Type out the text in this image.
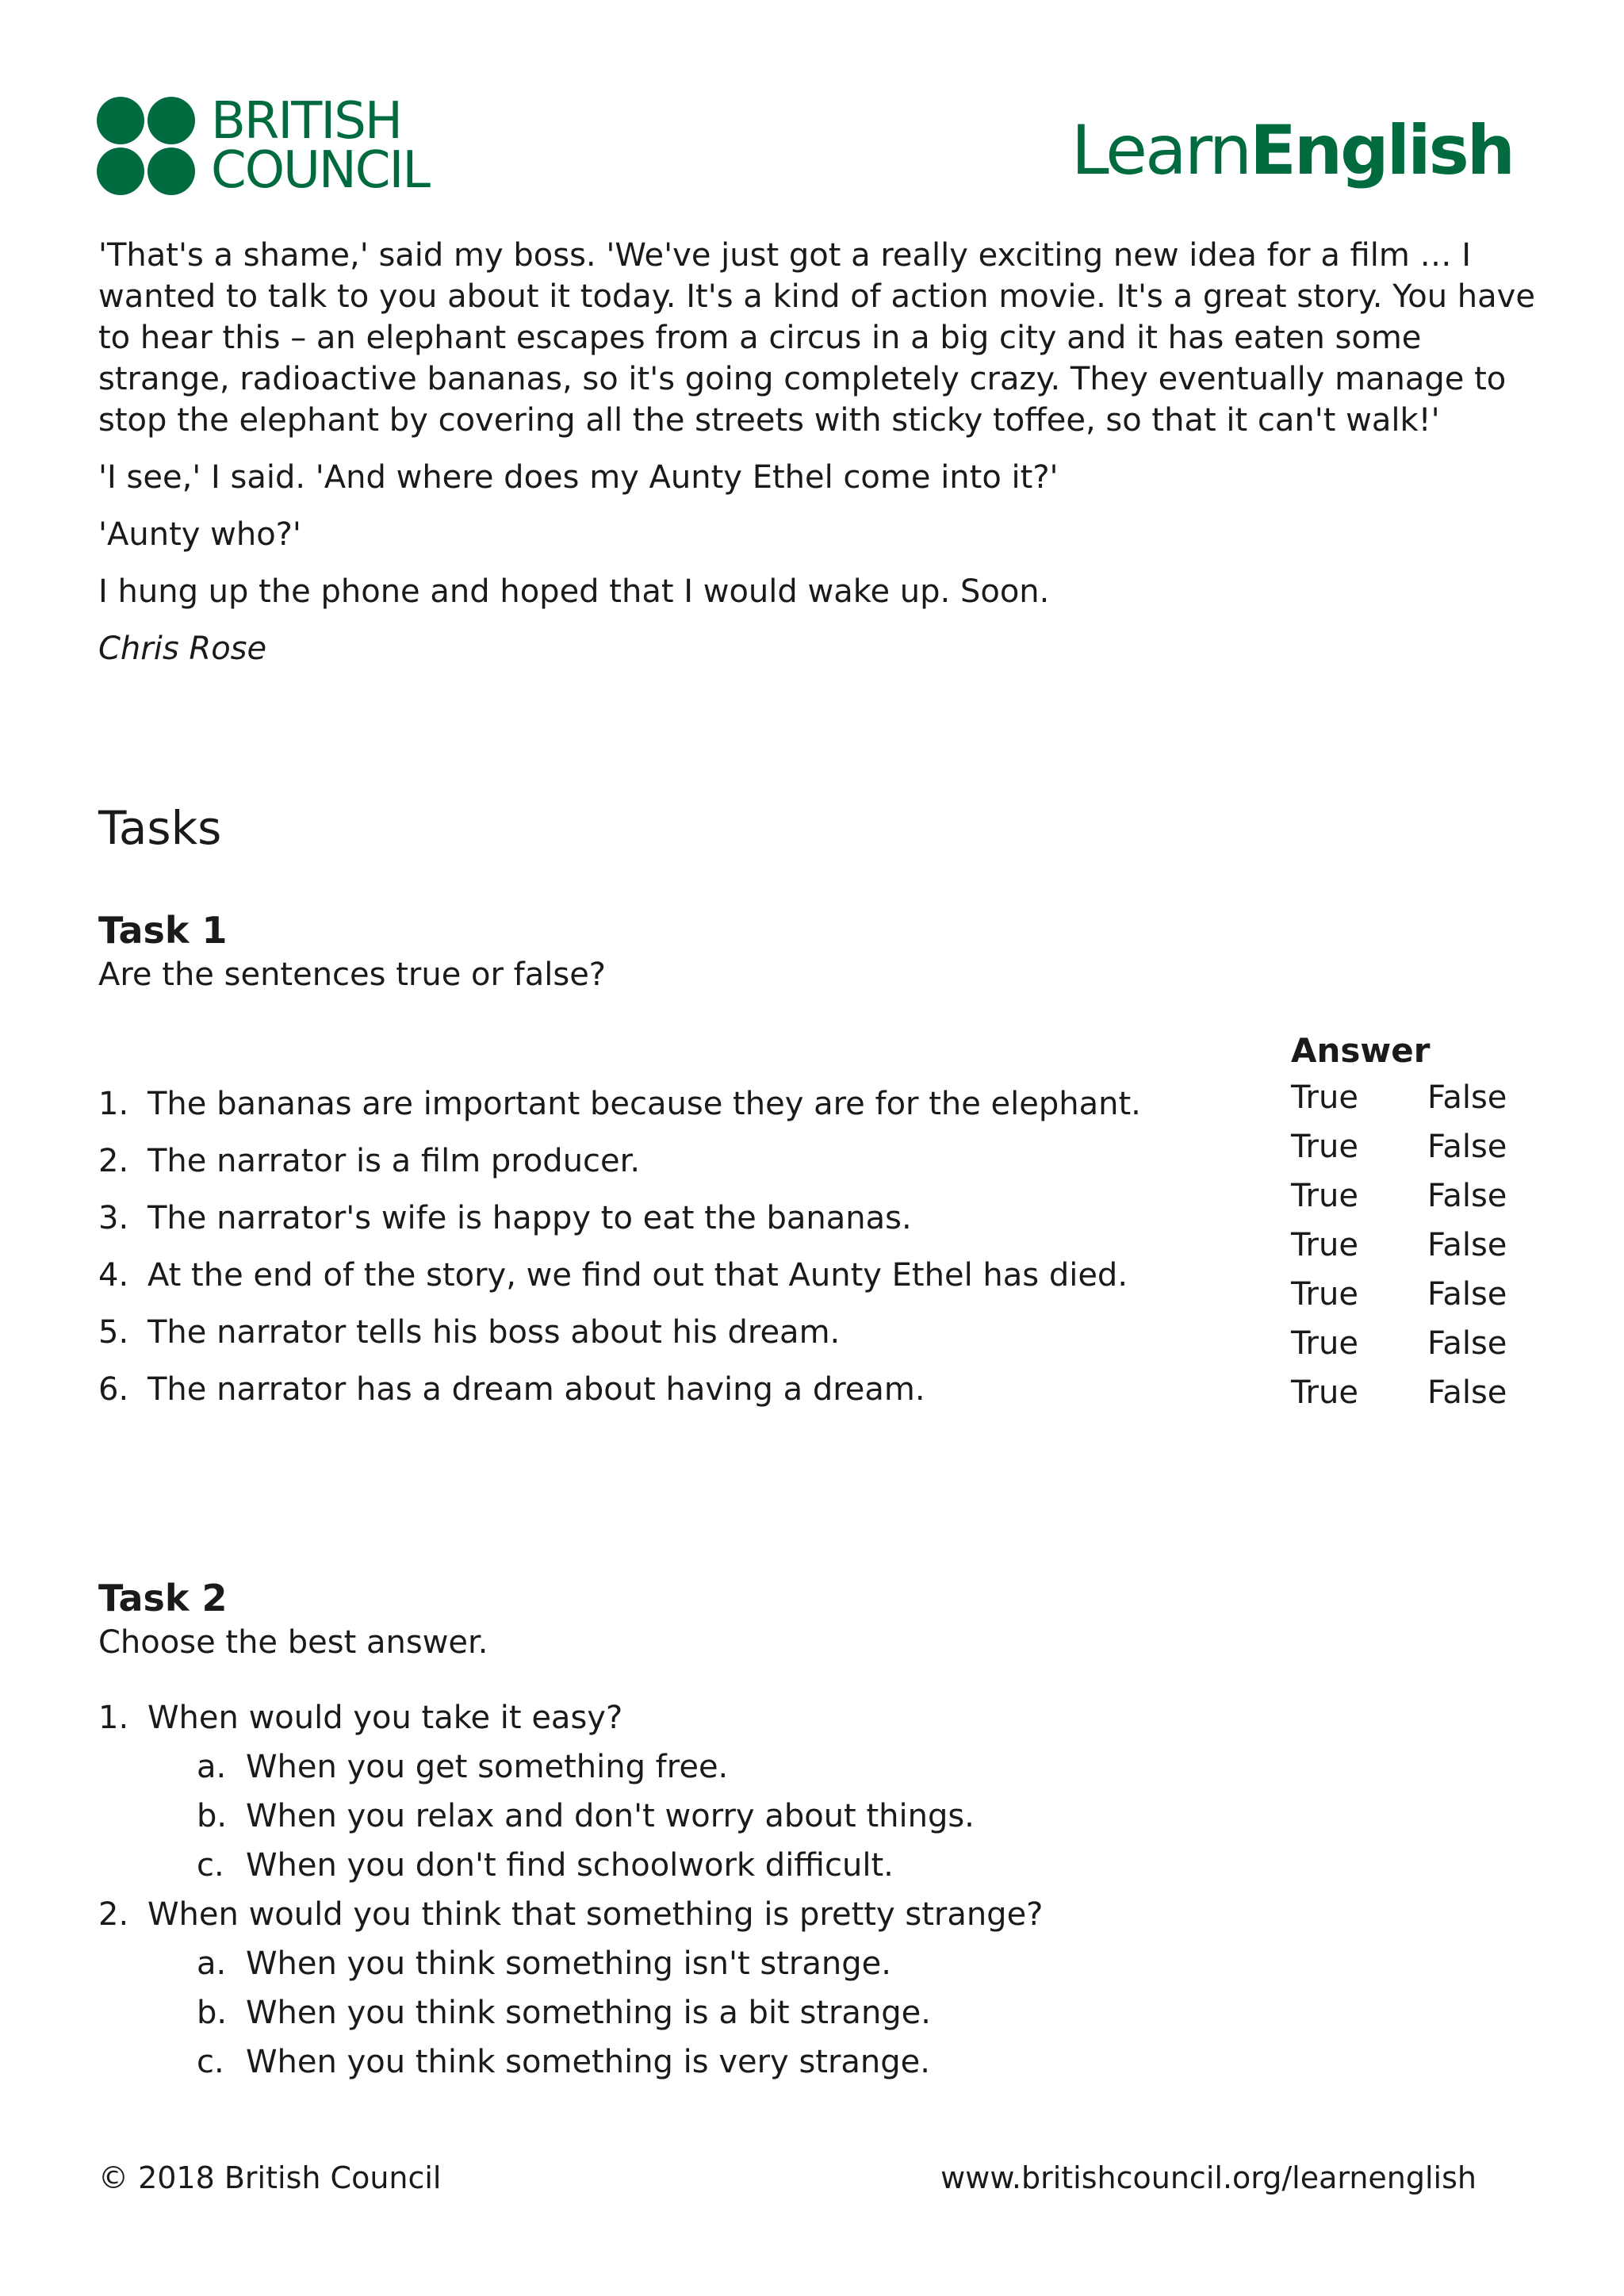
BRITISH
COUNCIL	LearnEnglish

'That's a shame,' said my boss. 'We've just got a really exciting new idea for a film … I wanted to talk to you about it today. It's a kind of action movie. It's a great story. You have to hear this – an elephant escapes from a circus in a big city and it has eaten some strange, radioactive bananas, so it's going completely crazy. They eventually manage to stop the elephant by covering all the streets with sticky toffee, so that it can't walk!'

'I see,' I said. 'And where does my Aunty Ethel come into it?'

'Aunty who?'

I hung up the phone and hoped that I would wake up. Soon.

Chris Rose

Tasks
Task 1
Are the sentences true or false?
Answer
1. The bananas are important because they are for the elephant.
2. The narrator is a film producer.
3. The narrator's wife is happy to eat the bananas.
4. At the end of the story, we find out that Aunty Ethel has died.
5. The narrator tells his boss about his dream.
6. The narrator has a dream about having a dream.
True	False
True	False
True	False
True	False
True	False
True	False
True	False
Task 2
Choose the best answer.
1. When would you take it easy?
a. When you get something free.
b. When you relax and don't worry about things.
c. When you don't find schoolwork difficult.
2. When would you think that something is pretty strange?
a. When you think something isn't strange.
b. When you think something is a bit strange.
c. When you think something is very strange.
© 2018 British Council	www.britishcouncil.org/learnenglish
